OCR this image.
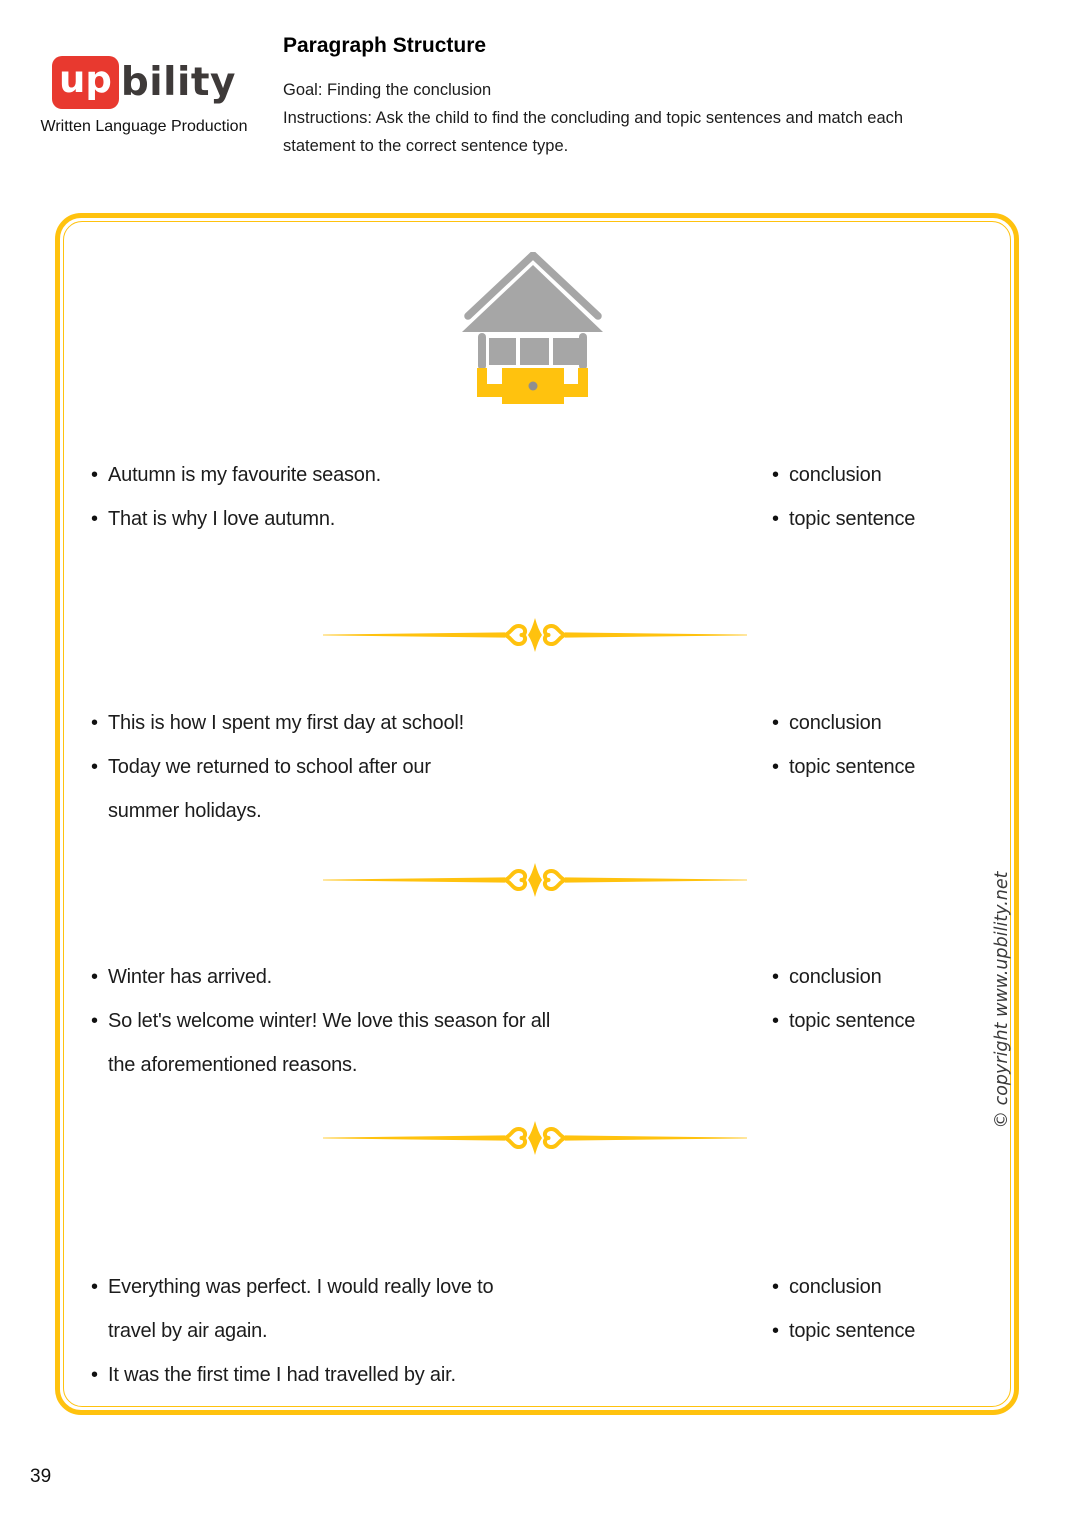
up bility
Written Language Production
Paragraph Structure
Goal: Finding the conclusion
Instructions: Ask the child to find the concluding and topic sentences and match each
statement to the correct sentence type.
• Autumn is my favourite season.
• That is why I love autumn.
• conclusion
• topic sentence
• This is how I spent my first day at school!
• Today we returned to school after our
summer holidays.
• conclusion
• topic sentence
• Winter has arrived.
• So let's welcome winter! We love this season for all
the aforementioned reasons.
• conclusion
• topic sentence
• Everything was perfect. I would really love to
travel by air again.
• It was the first time I had travelled by air.
• conclusion
• topic sentence
© copyright www.upbility.net
39
